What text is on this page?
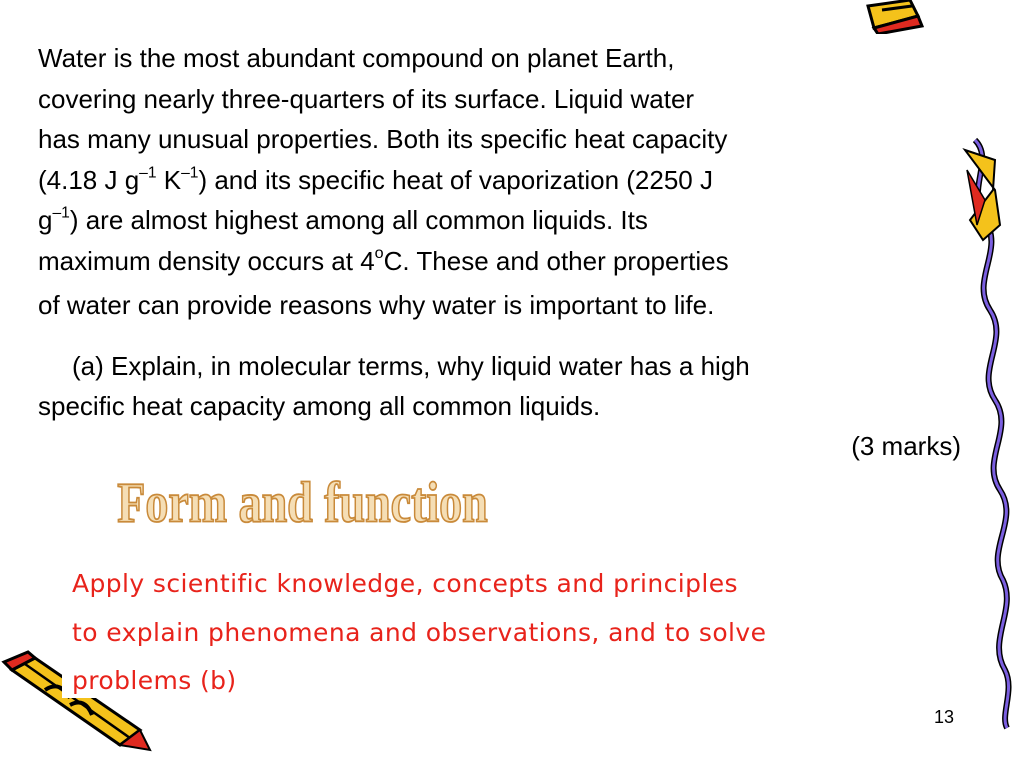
Water is the most abundant compound on planet Earth,
covering nearly three-quarters of its surface. Liquid water
has many unusual properties. Both its specific heat capacity
(4.18 J $g^{-1}$ $K^{-1}$) and its specific heat of vaporization (2250 J
$g^{-1}$) are almost highest among all common liquids. Its
maximum density occurs at 4$^o$C. These and other properties
of water can provide reasons why water is important to life.
(a) Explain, in molecular terms, why liquid water has a high
specific heat capacity among all common liquids.
(3 marks)
Form and function
Apply scientific knowledge, concepts and principles
to explain phenomena and observations, and to solve
problems (b)
13
